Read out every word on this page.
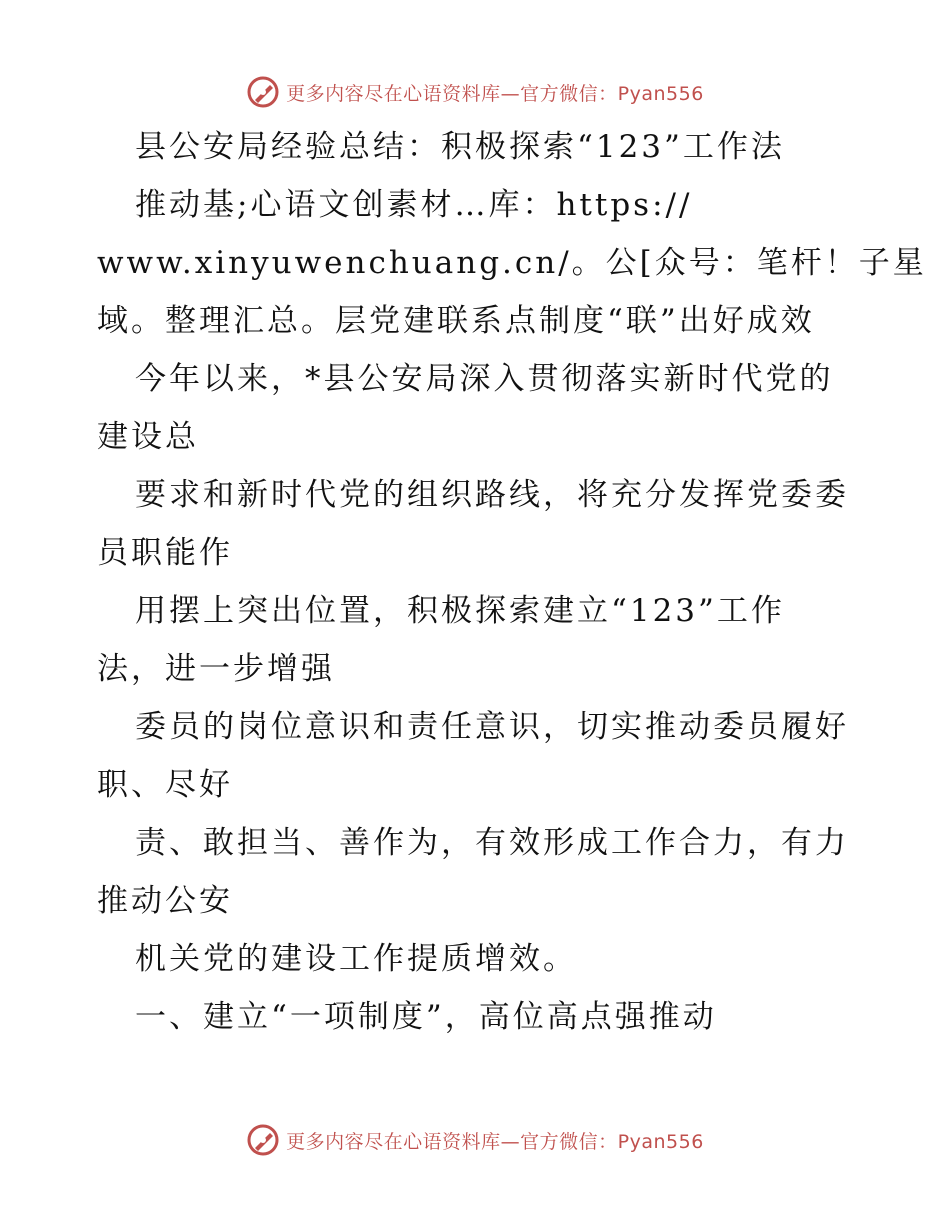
更多内容尽在心语资料库—官方微信：Pyan556
县公安局经验总结：积极探索“123”工作法
推动基;心语文创素材…库：https://
www.xinyuwenchuang.cn/。公[众号：笔杆！子星
域。整理汇总。层党建联系点制度“联”出好成效
今年以来，*县公安局深入贯彻落实新时代党的
建设总
要求和新时代党的组织路线，将充分发挥党委委
员职能作
用摆上突出位置，积极探索建立“123”工作
法，进一步增强
委员的岗位意识和责任意识，切实推动委员履好
职、尽好
责、敢担当、善作为，有效形成工作合力，有力
推动公安
机关党的建设工作提质增效。
一、建立“一项制度”，高位高点强推动
更多内容尽在心语资料库—官方微信：Pyan556
